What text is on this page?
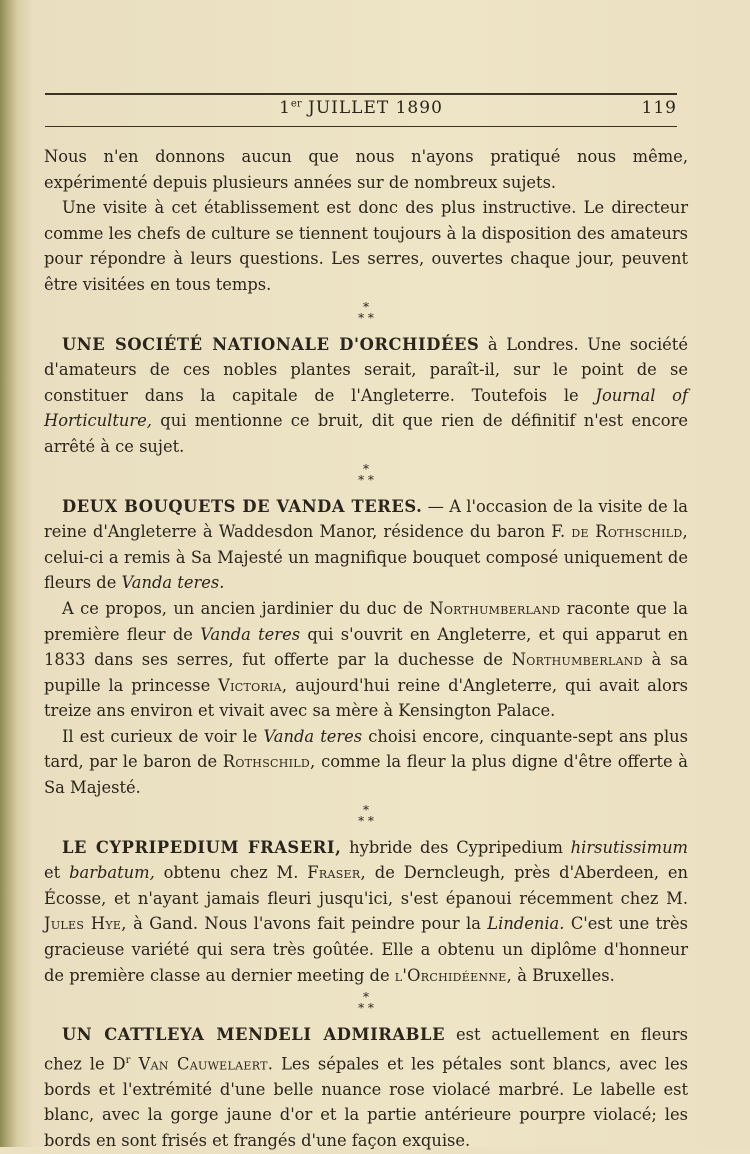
1er JUILLET 1890	119

Nous n'en donnons aucun que nous n'ayons pratiqué nous même, expérimenté depuis plusieurs années sur de nombreux sujets.

Une visite à cet établissement est donc des plus instructive. Le directeur comme les chefs de culture se tiennent toujours à la disposition des amateurs pour répondre à leurs questions. Les serres, ouvertes chaque jour, peuvent être visitées en tous temps.

*
* *

UNE SOCIÉTÉ NATIONALE D'ORCHIDÉES à Londres. Une société d'amateurs de ces nobles plantes serait, paraît-il, sur le point de se constituer dans la capitale de l'Angleterre. Toutefois le Journal of Horticulture, qui mentionne ce bruit, dit que rien de définitif n'est encore arrêté à ce sujet.

*
* *

DEUX BOUQUETS DE VANDA TERES. — A l'occasion de la visite de la reine d'Angleterre à Waddesdon Manor, résidence du baron F. de Rothschild, celui-ci a remis à Sa Majesté un magnifique bouquet composé uniquement de fleurs de Vanda teres.

A ce propos, un ancien jardinier du duc de Northumberland raconte que la première fleur de Vanda teres qui s'ouvrit en Angleterre, et qui apparut en 1833 dans ses serres, fut offerte par la duchesse de Northumberland à sa pupille la princesse Victoria, aujourd'hui reine d'Angleterre, qui avait alors treize ans environ et vivait avec sa mère à Kensington Palace.

Il est curieux de voir le Vanda teres choisi encore, cinquante-sept ans plus tard, par le baron de Rothschild, comme la fleur la plus digne d'être offerte à Sa Majesté.

*
* *

LE CYPRIPEDIUM FRASERI, hybride des Cypripedium hirsutissimum et barbatum, obtenu chez M. Fraser, de Derncleugh, près d'Aberdeen, en Écosse, et n'ayant jamais fleuri jusqu'ici, s'est épanoui récemment chez M. Jules Hye, à Gand. Nous l'avons fait peindre pour la Lindenia. C'est une très gracieuse variété qui sera très goûtée. Elle a obtenu un diplôme d'honneur de première classe au dernier meeting de l'Orchidéenne, à Bruxelles.

*
* *

UN CATTLEYA MENDELI ADMIRABLE est actuellement en fleurs chez le $D^r$ Van Cauwelaert. Les sépales et les pétales sont blancs, avec les bords et l'extrémité d'une belle nuance rose violacé marbré. Le labelle est blanc, avec la gorge jaune d'or et la partie antérieure pourpre violacé; les bords en sont frisés et frangés d'une façon exquise.
